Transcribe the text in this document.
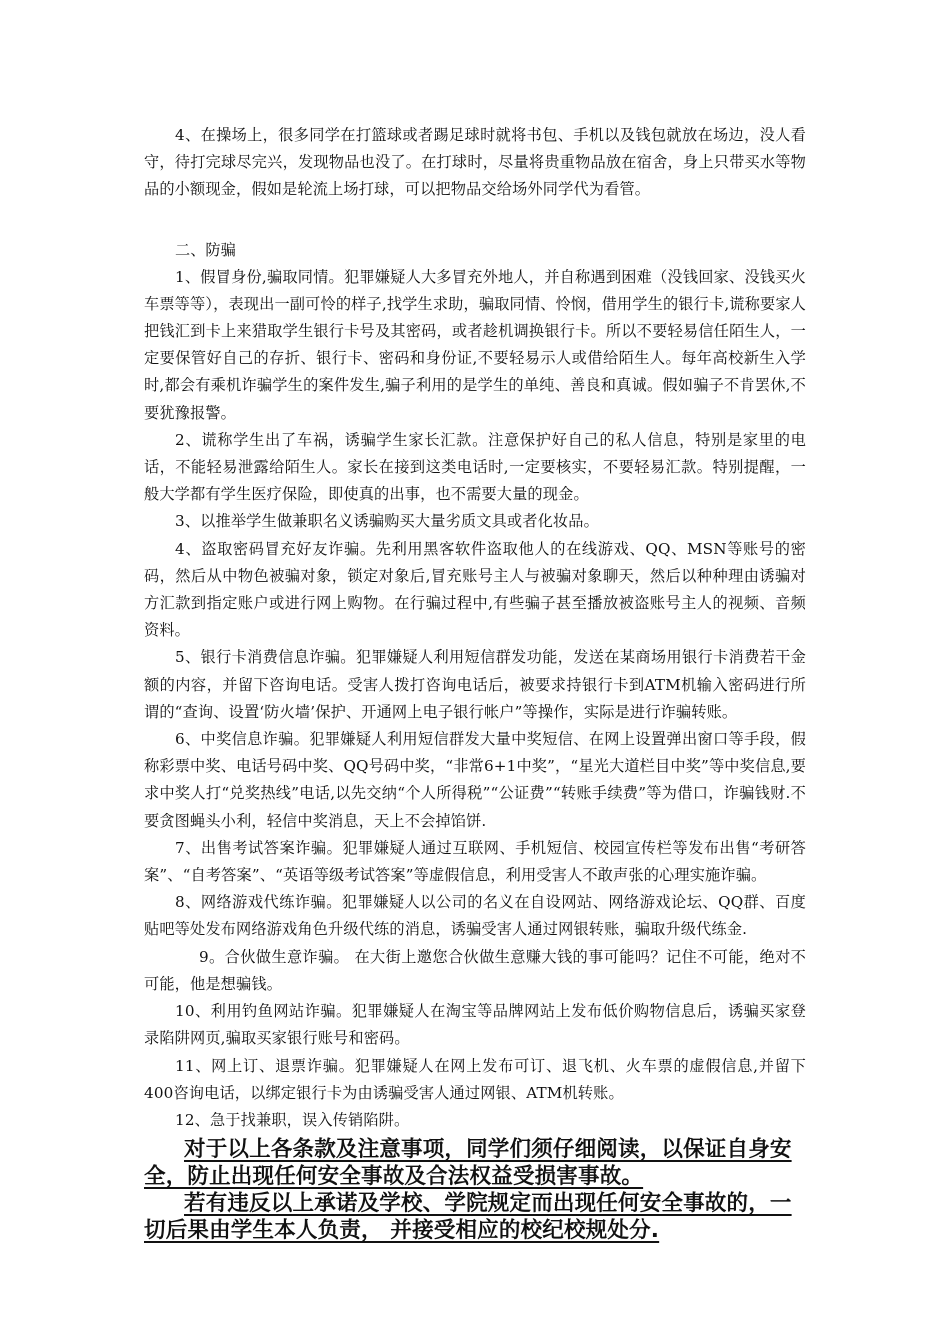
4、在操场上，很多同学在打篮球或者踢足球时就将书包、手机以及钱包就放在场边，没人看守，待打完球尽完兴，发现物品也没了。在打球时，尽量将贵重物品放在宿舍，身上只带买水等物品的小额现金，假如是轮流上场打球，可以把物品交给场外同学代为看管。

二、防骗

1、假冒身份,骗取同情。犯罪嫌疑人大多冒充外地人，并自称遇到困难（没钱回家、没钱买火车票等等），表现出一副可怜的样子,找学生求助，骗取同情、怜悯，借用学生的银行卡,谎称要家人把钱汇到卡上来猎取学生银行卡号及其密码，或者趁机调换银行卡。所以不要轻易信任陌生人，一定要保管好自己的存折、银行卡、密码和身份证,不要轻易示人或借给陌生人。每年高校新生入学时,都会有乘机诈骗学生的案件发生,骗子利用的是学生的单纯、善良和真诚。假如骗子不肯罢休,不要犹豫报警。

2、谎称学生出了车祸，诱骗学生家长汇款。注意保护好自己的私人信息，特别是家里的电话，不能轻易泄露给陌生人。家长在接到这类电话时,一定要核实，不要轻易汇款。特别提醒，一般大学都有学生医疗保险，即使真的出事，也不需要大量的现金。

3、以推举学生做兼职名义诱骗购买大量劣质文具或者化妆品。

4、盗取密码冒充好友诈骗。先利用黑客软件盗取他人的在线游戏、QQ、MSN等账号的密码，然后从中物色被骗对象，锁定对象后,冒充账号主人与被骗对象聊天，然后以种种理由诱骗对方汇款到指定账户或进行网上购物。在行骗过程中,有些骗子甚至播放被盗账号主人的视频、音频资料。

5、银行卡消费信息诈骗。犯罪嫌疑人利用短信群发功能，发送在某商场用银行卡消费若干金额的内容，并留下咨询电话。受害人拨打咨询电话后，被要求持银行卡到ATM机输入密码进行所谓的“查询、设置‘防火墙’保护、开通网上电子银行帐户”等操作，实际是进行诈骗转账。

6、中奖信息诈骗。犯罪嫌疑人利用短信群发大量中奖短信、在网上设置弹出窗口等手段，假称彩票中奖、电话号码中奖、QQ号码中奖，“非常6+1中奖”，“星光大道栏目中奖”等中奖信息,要求中奖人打“兑奖热线”电话,以先交纳“个人所得税”“公证费”“转账手续费”等为借口，诈骗钱财.不要贪图蝇头小利，轻信中奖消息，天上不会掉馅饼.

7、出售考试答案诈骗。犯罪嫌疑人通过互联网、手机短信、校园宣传栏等发布出售“考研答案”、“自考答案”、“英语等级考试答案”等虚假信息，利用受害人不敢声张的心理实施诈骗。

8、网络游戏代练诈骗。犯罪嫌疑人以公司的名义在自设网站、网络游戏论坛、QQ群、百度贴吧等处发布网络游戏角色升级代练的消息，诱骗受害人通过网银转账，骗取升级代练金.

9。合伙做生意诈骗。 在大街上邀您合伙做生意赚大钱的事可能吗？记住不可能，绝对不可能，他是想骗钱。

10、利用钓鱼网站诈骗。犯罪嫌疑人在淘宝等品牌网站上发布低价购物信息后，诱骗买家登录陷阱网页,骗取买家银行账号和密码。

11、网上订、退票诈骗。犯罪嫌疑人在网上发布可订、退飞机、火车票的虚假信息,并留下400咨询电话，以绑定银行卡为由诱骗受害人通过网银、ATM机转账。

12、急于找兼职，误入传销陷阱。

对于以上各条款及注意事项，同学们须仔细阅读，以保证自身安全，防止出现任何安全事故及合法权益受损害事故。

若有违反以上承诺及学校、学院规定而出现任何安全事故的，一切后果由学生本人负责， 并接受相应的校纪校规处分.
